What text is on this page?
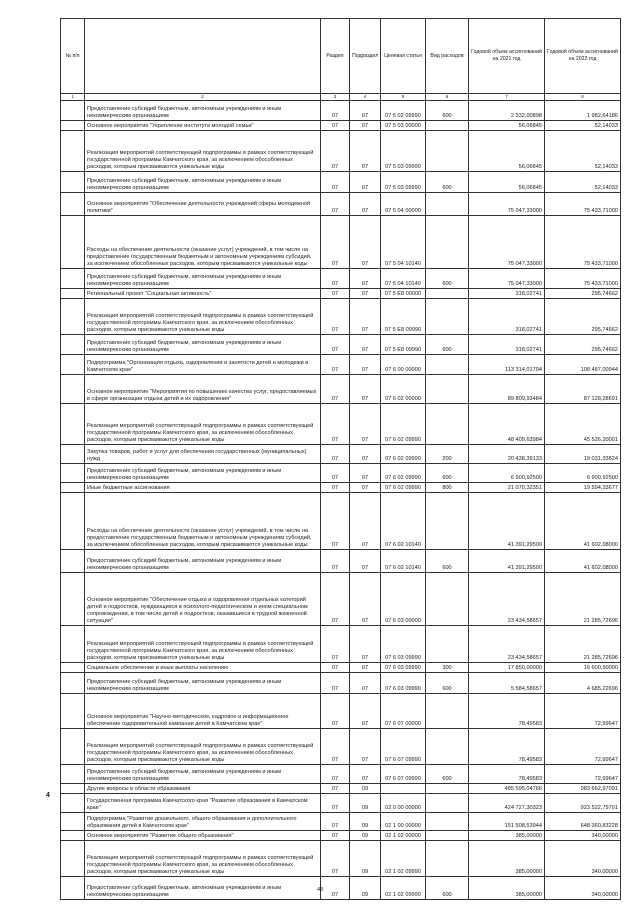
№ п/п		Раздел	Подраздел	Целевая статья	Вид расходов	Годовой объем ассигнований на 2021 год	Годовой объем ассигнований на 2022 год
1	2	3	4	5	6	7	8
	Предоставление субсидий бюджетным, автономным учреждениям и иным некоммерческим организациям	07	07	07 5 02 09990	600	2 332,00898	1 982,64186
	Основное мероприятие "Укрепление института молодой семьи"	07	07	07 5 03 00000		56,06845	52,14033
	Реализация мероприятий соответствующей подпрограммы в рамках соответствующей государственной программы Камчатского края, за исключением обособленных расходов, которым присваиваются уникальные коды	07	07	07 5 03 09990		56,06845	52,14033
	Предоставление субсидий бюджетным, автономным учреждениям и иным некоммерческим организациям	07	07	07 5 03 09990	600	56,06845	52,14033
	Основное мероприятие "Обеспечение деятельности учреждений сферы молодежной политики"	07	07	07 5 04 00000		75 047,33000	75 433,71000
	Расходы на обеспечение деятельности (оказание услуг) учреждений, в том числе на предоставление государственным бюджетным и автономным учреждениям субсидий, за исключением обособленных расходов, которым присваиваются уникальные коды	07	07	07 5 04 10140		75 047,33000	75 433,71000
	Предоставление субсидий бюджетным, автономным учреждениям и иным некоммерческим организациям	07	07	07 5 04 10140	600	75 047,33000	75 433,71000
	Региональный проект "Социальная активность"	07	07	07 5 Е8 00000		318,02741	295,74662
	Реализация мероприятий соответствующей подпрограммы в рамках соответствующей государственной программы Камчатского края, за исключением обособленных расходов, которым присваиваются уникальные коды	07	07	07 5 Е8 09990		318,02741	295,74662
	Предоставление субсидий бюджетным, автономным учреждениям и иным некоммерческим организациям	07	07	07 5 Е8 09990	600	318,02741	295,74662
	Подпрограмма "Организация отдыха, оздоровления и занятости детей и молодежи в Камчатском крае"	07	07	07 6 00 00000		113 314,01704	108 487,00944
	Основное мероприятие "Мероприятия по повышению качества услуг, предоставляемых в сфере организации отдыха детей и их оздоровления"	07	07	07 6 02 00000		89 809,93484	87 128,28691
	Реализация мероприятий соответствующей подпрограммы в рамках соответствующей государственной программы Камчатского края, за исключением обособленных расходов, которым присваиваются уникальные коды	07	07	07 6 02 09990		48 409,63984	45 526,20001
	Закупка товаров, работ и услуг для обеспечения государственных (муниципальных) нужд	07	07	07 6 02 09990	200	20 438,39133	19 031,33824
	Предоставление субсидий бюджетным, автономным учреждениям и иным некоммерческим организациям	07	07	07 6 02 09990	600	6 900,92500	6 900,92500
	Иные бюджетные ассигнования	07	07	07 6 02 09990	800	21 070,32351	19 594,33677
	Расходы на обеспечение деятельности (оказание услуг) учреждений, в том числе на предоставление государственным бюджетным и автономным учреждениям субсидий, за исключением обособленных расходов, которым присваиваются уникальные коды	07	07	07 6 02 10140		41 391,29500	41 602,08000
	Предоставление субсидий бюджетным, автономным учреждениям и иным некоммерческим организациям	07	07	07 6 02 10140	600	41 391,29500	41 602,08000
	Основное мероприятие "Обеспечение отдыха и оздоровления отдельных категорий детей и подростков, нуждающихся в психолого-педагогическом и ином специальном сопровождении, в том числе детей и подростков, оказавшихся в трудной жизненной ситуации"	07	07	07 6 03 00000		23 434,58657	21 285,72696
	Реализация мероприятий соответствующей подпрограммы в рамках соответствующей государственной программы Камчатского края, за исключением обособленных расходов, которым присваиваются уникальные коды	07	07	07 6 03 09990		23 434,58657	21 285,72696
	Социальное обеспечение и иные выплаты населению	07	07	07 6 03 09990	300	17 850,00000	16 600,50000
	Предоставление субсидий бюджетным, автономным учреждениям и иным некоммерческим организациям	07	07	07 6 03 09990	600	5 584,58657	4 685,22696
	Основное мероприятие "Научно-методическое, кадровое и информационное обеспечение оздоровительной кампании детей в Камчатском крае"	07	07	07 6 07 00000		78,49583	72,99647
	Реализация мероприятий соответствующей подпрограммы в рамках соответствующей государственной программы Камчатского края, за исключением обособленных расходов, которым присваиваются уникальные коды	07	07	07 6 07 09990		78,49583	72,99647
	Предоставление субсидий бюджетным, автономным учреждениям и иным некоммерческим организациям	07	07	07 6 07 09990	600	78,49583	72,99647
	Другие вопросы в области образования	07	09			485 595,04766	983 662,97091
	Государственная программа Камчатского края "Развитие образования в Камчатском крае"	07	09	02 0 00 00000		424 727,30323	923 522,79701
	Подпрограмма "Развитие дошкольного, общего образования и дополнительного образования детей в Камчатском крае"	07	09	02 1 00 00000		151 508,53944	648 360,83228
	Основное мероприятие "Развитие общего образования"	07	09	02 1 02 00000		385,00000	340,00000
	Реализация мероприятий соответствующей подпрограммы в рамках соответствующей государственной программы Камчатского края, за исключением обособленных расходов, которым присваиваются уникальные коды	07	09	02 1 02 09990		385,00000	340,00000
	Предоставление субсидий бюджетным, автономным учреждениям и иным некоммерческим организациям	07	09	02 1 02 09990	600	385,00000	340,00000
4
48
